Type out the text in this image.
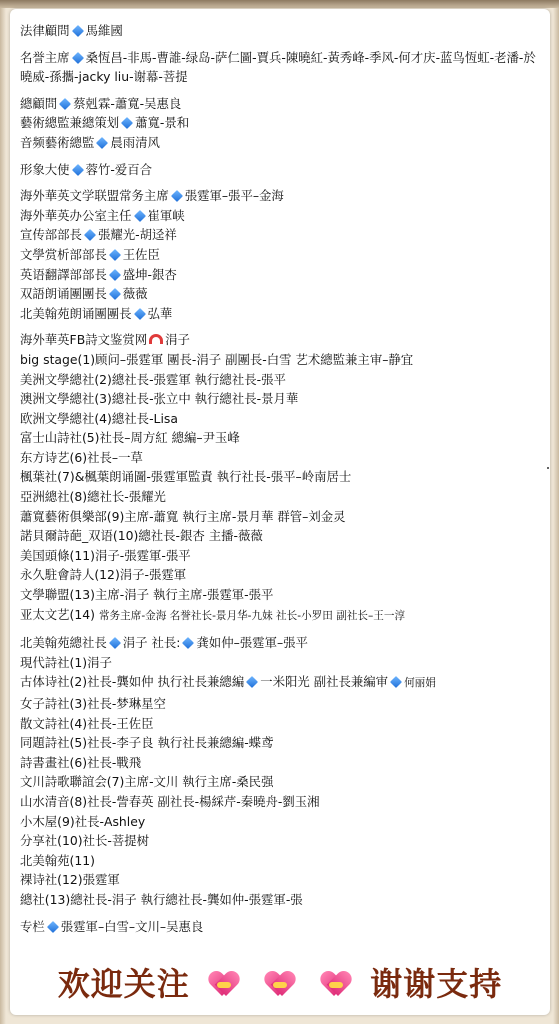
法律顧問 馬維國
名誉主席 桑恆昌-非馬-曹誰-绿岛-萨仁圖-賈兵-陳曉紅-黃秀峰-季风-何才庆-蓝鸟恆虹-老潘-於曉威-孫攜-jacky liu-谢幕-菩提
總顧問 蔡剋霖-蕭寬-吴惠良
藝術總監兼總策划 蕭寬-景和
音频藝術總監 晨雨清风
形象大使 蓉竹-爱百合
海外華英文学联盟常务主席 張霆軍–張平–金海
海外華英办公室主任 崔軍峡
宣传部部長 張耀光-胡迳祥
文學赏析部部長 王佐臣
英语翻譯部部長 盛坤-銀杏
双語朗诵團團長 薇薇
北美翰苑朗诵團團長 弘華
海外華英FB詩文鉴赏网 涓子
big stage(1)顾问–張霆軍 團長-涓子 副團長-白雪 艺术總監兼主审–静宜
美洲文學總社(2)總社長-張霆軍 執行總社長-張平
澳洲文學總社(3)總社長-张立中 執行總社長-景月華
欧洲文學總社(4)總社長-Lisa
富士山詩社(5)社長–周方紅 總編–尹玉峰
东方诗艺(6)社長–一草
楓葉社(7)&楓葉朗诵圖-張霆軍監責 執行社長-張平–岭南居士
亞洲總社(8)總社长-張耀光
蕭寬藝術俱樂部(9)主席-蕭寬 執行主席-景月華 群管–刘金灵
諾貝爾詩葩_双语(10)總社長-銀杏 主播-薇薇
美国頭條(11)涓子-張霆軍-張平
永久駐會詩人(12)涓子-張霆軍
文學聯盟(13)主席-涓子 執行主席-張霆軍-張平
亚太文艺(14) 常务主席-金海 名誉社长-景月华-九妹 社长-小罗田 副社长–王一淳
北美翰苑總社長 涓子 社長: 龚如仲–張霆軍–張平
現代詩社(1)涓子
古体诗社(2)社長-龔如仲 执行社長兼總編 一米阳光 副社長兼編审 何丽娟
女子詩社(3)社長-梦琳星空
散文詩社(4)社長-王佐臣
同題詩社(5)社長-李子良 執行社長兼總編-蝶鸢
詩書畫社(6)社長-戰飛
文川詩歌聯誼会(7)主席-文川 執行主席-桑民强
山水清音(8)社長-訾春英 副社長-楊綵芹-秦曉舟-劉玉湘
小木屋(9)社長-Ashley
分享社(10)社长-菩提树
北美翰苑(11)
裸诗社(12)張霆軍
總社(13)總社長-涓子 執行總社長-龔如仲-張霆軍-張
专栏 張霆軍–白雪–文川–吴惠良
欢迎关注

	谢谢支持
